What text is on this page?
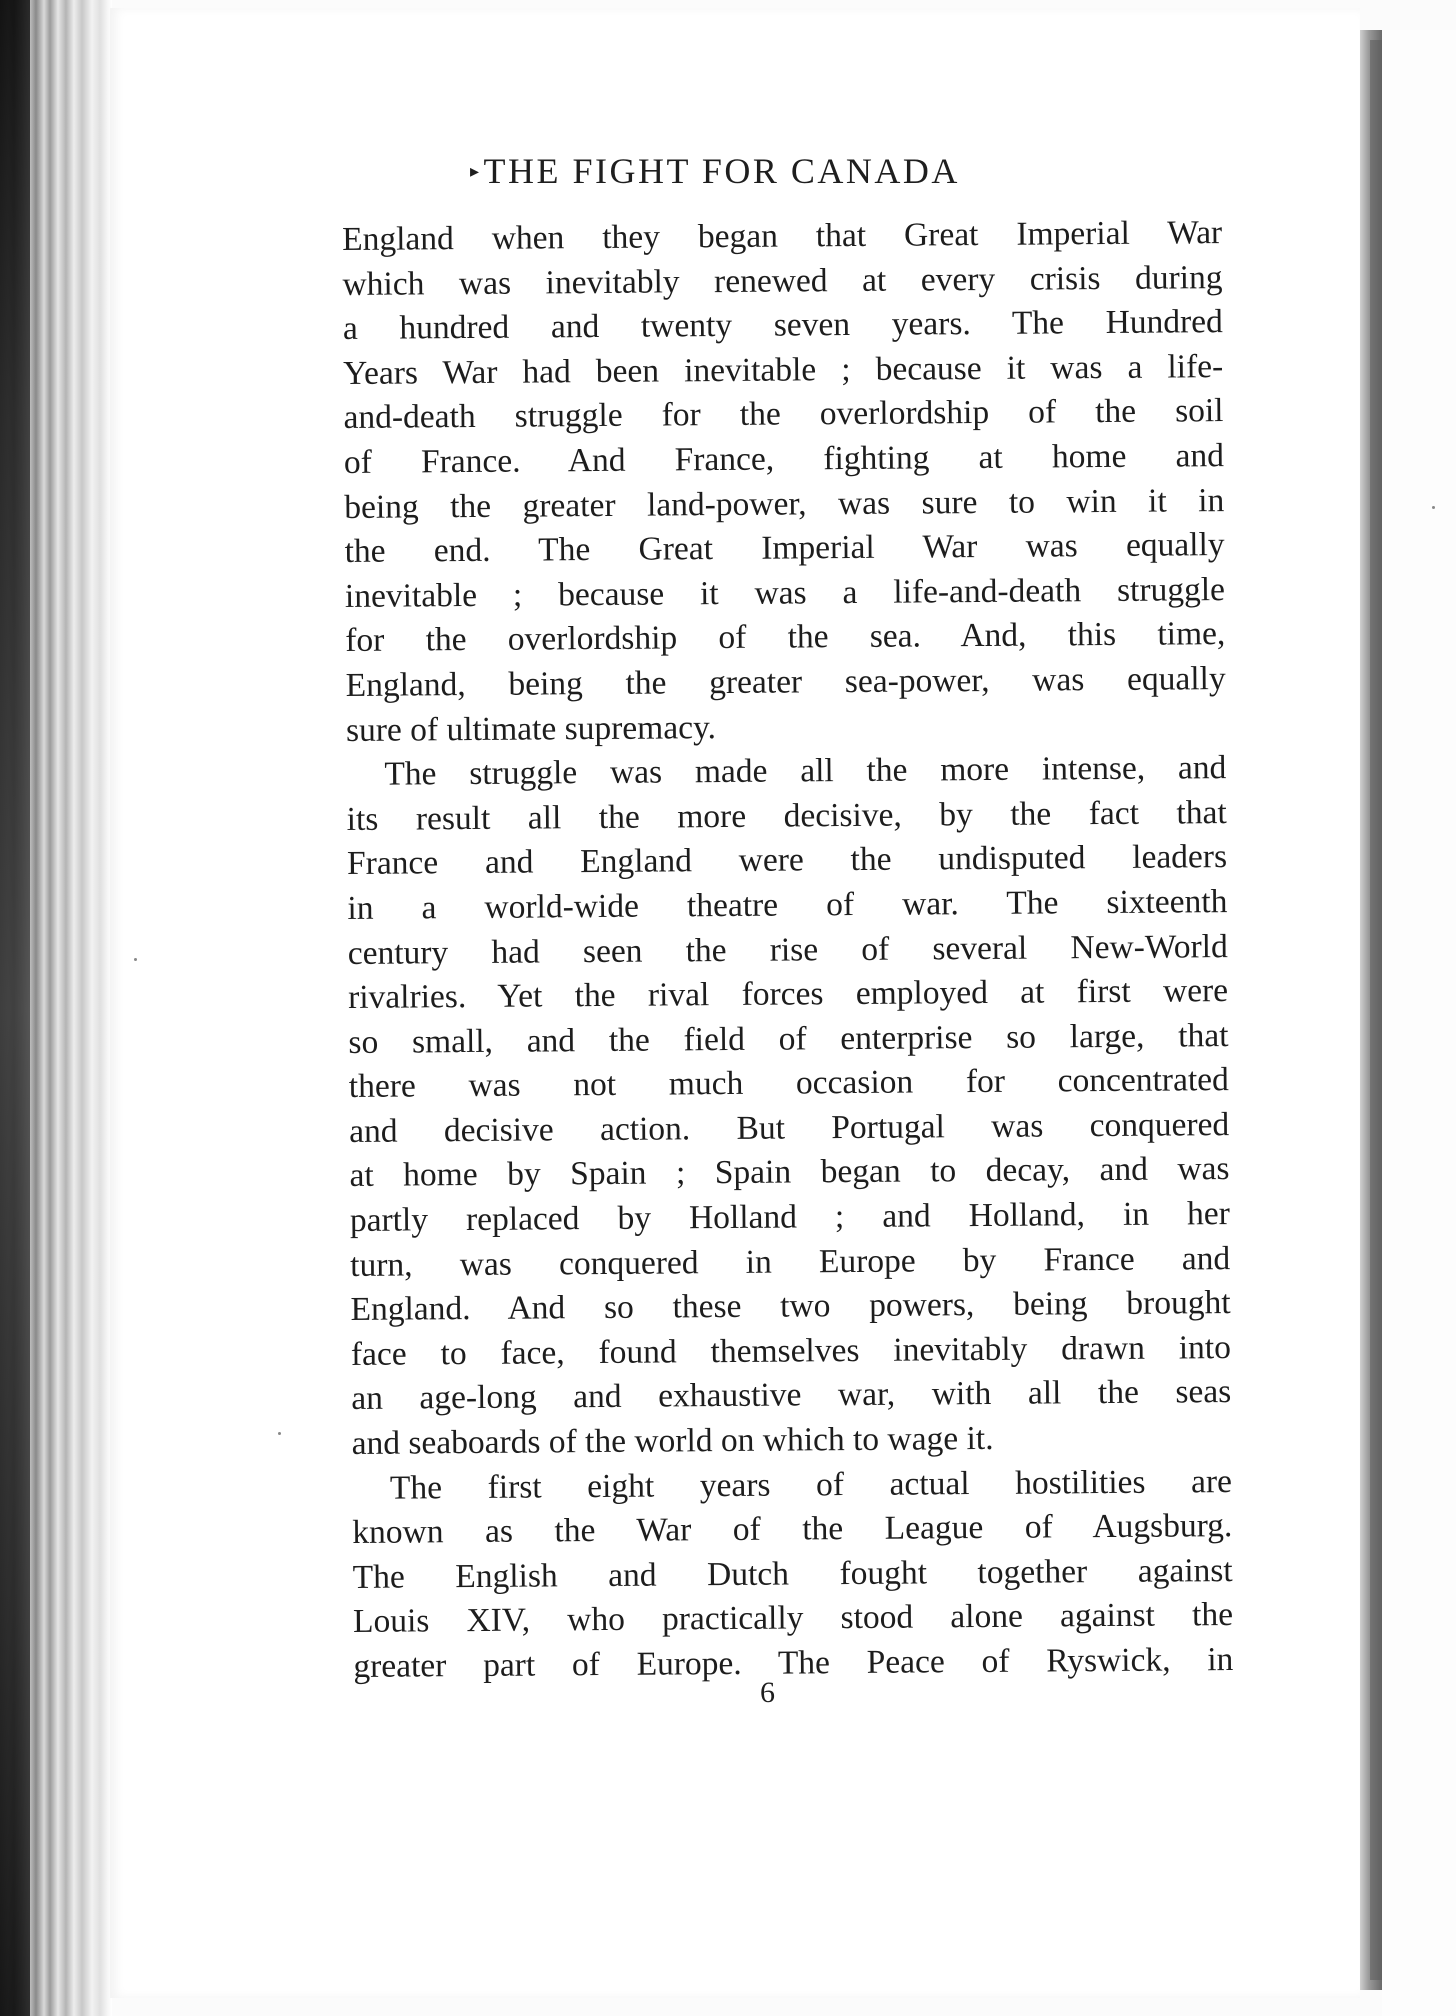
▸THE FIGHT FOR CANADA
England when they began that Great Imperial War
which was inevitably renewed at every crisis during
a hundred and twenty seven years. The Hundred
Years War had been inevitable ; because it was a life-
and-death struggle for the overlordship of the soil
of France. And France, fighting at home and
being the greater land-power, was sure to win it in
the end. The Great Imperial War was equally
inevitable ; because it was a life-and-death struggle
for the overlordship of the sea. And, this time,
England, being the greater sea-power, was equally
sure of ultimate supremacy.
The struggle was made all the more intense, and
its result all the more decisive, by the fact that
France and England were the undisputed leaders
in a world-wide theatre of war. The sixteenth
century had seen the rise of several New-World
rivalries. Yet the rival forces employed at first were
so small, and the field of enterprise so large, that
there was not much occasion for concentrated
and decisive action. But Portugal was conquered
at home by Spain ; Spain began to decay, and was
partly replaced by Holland ; and Holland, in her
turn, was conquered in Europe by France and
England. And so these two powers, being brought
face to face, found themselves inevitably drawn into
an age-long and exhaustive war, with all the seas
and seaboards of the world on which to wage it.
The first eight years of actual hostilities are
known as the War of the League of Augsburg.
The English and Dutch fought together against
Louis XIV, who practically stood alone against the
greater part of Europe. The Peace of Ryswick, in
6
